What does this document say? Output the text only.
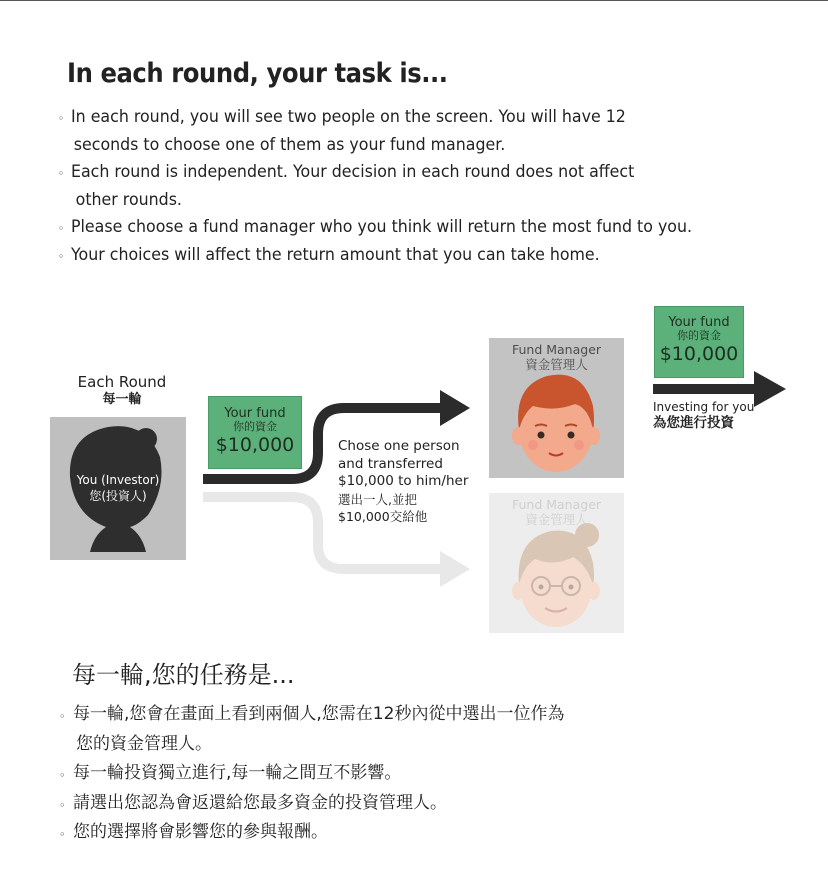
In each round, your task is...
◦ In each round, you will see two people on the screen. You will have 12

seconds to choose one of them as your fund manager.
◦ Each round is independent. Your decision in each round does not affect

other rounds.
◦ Please choose a fund manager who you think will return the most fund to you.
◦ Your choices will affect the return amount that you can take home.
Each Round
每一輪
You (Investor)
您(投資人)
Your fund
你的資金
$10,000	Chose one person
and transferred
$10,000 to him/her
選出一人,並把
$10,000交給他
Fund Manager
資金管理人
Fund Manager
資金管理人
Your fund
你的資金
$10,000
Investing for you
為您進行投資
每一輪,您的任務是...
◦ 每一輪,您會在畫面上看到兩個人,您需在12秒內從中選出一位作為

您的資金管理人。
◦ 每一輪投資獨立進行,每一輪之間互不影響。
◦ 請選出您認為會返還給您最多資金的投資管理人。
◦ 您的選擇將會影響您的參與報酬。
